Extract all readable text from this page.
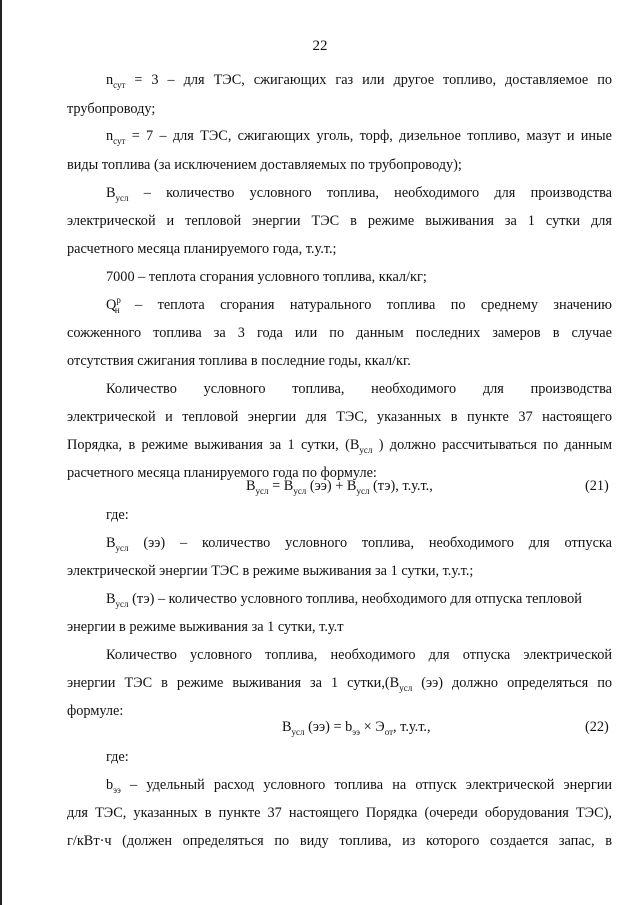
22
$n_{сут} = 3$ – для ТЭС, сжигающих газ или другое топливо, доставляемое по
трубопроводу;
$n_{сут} = 7$ – для ТЭС, сжигающих уголь, торф, дизельное топливо, мазут и иные
виды топлива (за исключением доставляемых по трубопроводу);
$B_{усл}$ – количество условного топлива, необходимого для производства
электрической и тепловой энергии ТЭС в режиме выживания за 1 сутки для
расчетного месяца планируемого года, т.у.т.;
7000 – теплота сгорания условного топлива, ккал/кг;
$Q^р_н$ – теплота сгорания натурального топлива по среднему значению
сожженного топлива за 3 года или по данным последних замеров в случае
отсутствия сжигания топлива в последние годы, ккал/кг.
Количество условного топлива, необходимого для производства
электрической и тепловой энергии для ТЭС, указанных в пункте 37 настоящего
Порядка, в режиме выживания за 1 сутки, ($B_{усл}$ ) должно рассчитываться по данным
расчетного месяца планируемого года по формуле:
$B_{усл} = B_{усл}$ $(ээ) + B_{усл}$ (тэ), т.у.т.,	(21)
где:
$B_{усл}$ (ээ) – количество условного топлива, необходимого для отпуска
электрической энергии ТЭС в режиме выживания за 1 сутки, т.у.т.;
$B_{усл}$ (тэ) – количество условного топлива, необходимого для отпуска тепловой
энергии в режиме выживания за 1 сутки, т.у.т
Количество условного топлива, необходимого для отпуска электрической
энергии ТЭС в режиме выживания за 1 $сутки,(B_{усл}$ (ээ) должно определяться по
формуле:
$B_{усл}$ $(ээ) = b_{ээ} \times Э_{от}$, т.у.т.,	(22)
где:
$b_{ээ}$ – удельный расход условного топлива на отпуск электрической энергии
для ТЭС, указанных в пункте 37 настоящего Порядка (очереди оборудования ТЭС),
г/кВт·ч (должен определяться по виду топлива, из которого создается запас, в
